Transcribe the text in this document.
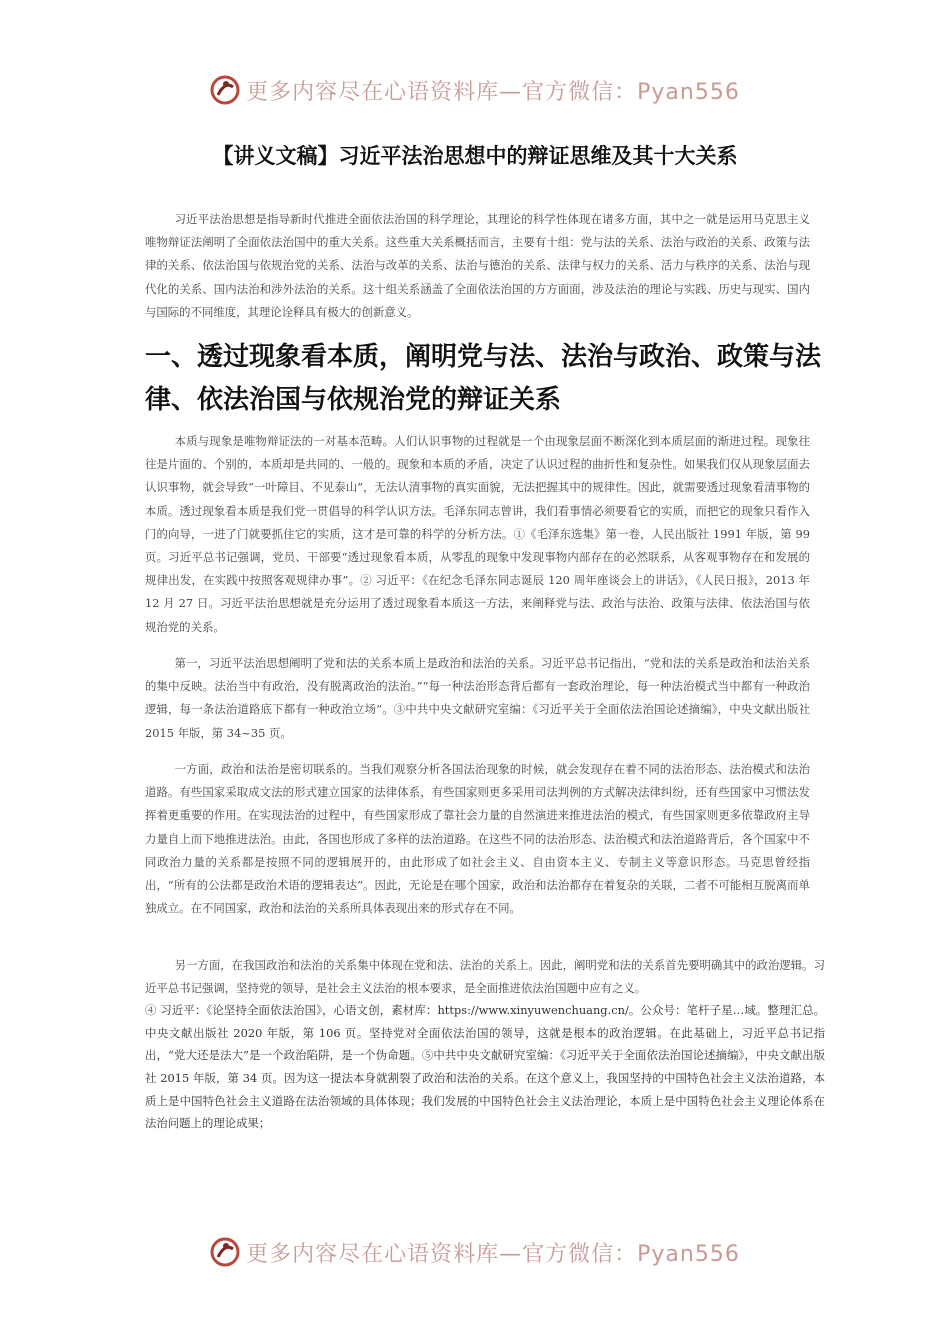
更多内容尽在心语资料库—官方微信：Pyan556
【讲义文稿】习近平法治思想中的辩证思维及其十大关系

习近平法治思想是指导新时代推进全面依法治国的科学理论，其理论的科学性体现在诸多方面，其中之一就是运用马克思主义唯物辩证法阐明了全面依法治国中的重大关系。这些重大关系概括而言，主要有十组：党与法的关系、法治与政治的关系、政策与法律的关系、依法治国与依规治党的关系、法治与改革的关系、法治与德治的关系、法律与权力的关系、活力与秩序的关系、法治与现代化的关系、国内法治和涉外法治的关系。这十组关系涵盖了全面依法治国的方方面面，涉及法治的理论与实践、历史与现实、国内与国际的不同维度，其理论诠释具有极大的创新意义。

一、透过现象看本质，阐明党与法、法治与政治、政策与法律、依法治国与依规治党的辩证关系

本质与现象是唯物辩证法的一对基本范畴。人们认识事物的过程就是一个由现象层面不断深化到本质层面的渐进过程。现象往往是片面的、个别的，本质却是共同的、一般的。现象和本质的矛盾，决定了认识过程的曲折性和复杂性。如果我们仅从现象层面去认识事物，就会导致“一叶障目、不见泰山”，无法认清事物的真实面貌，无法把握其中的规律性。因此，就需要透过现象看清事物的本质。透过现象看本质是我们党一贯倡导的科学认识方法。毛泽东同志曾讲，我们看事情必须要看它的实质，而把它的现象只看作入门的向导，一进了门就要抓住它的实质，这才是可靠的科学的分析方法。①《毛泽东选集》第一卷，人民出版社 1991 年版，第 99 页。习近平总书记强调，党员、干部要“透过现象看本质，从零乱的现象中发现事物内部存在的必然联系，从客观事物存在和发展的规律出发，在实践中按照客观规律办事”。② 习近平：《在纪念毛泽东同志诞辰 120 周年座谈会上的讲话》，《人民日报》，2013 年 12 月 27 日。习近平法治思想就是充分运用了透过现象看本质这一方法，来阐释党与法、政治与法治、政策与法律、依法治国与依规治党的关系。

第一，习近平法治思想阐明了党和法的关系本质上是政治和法治的关系。习近平总书记指出，“党和法的关系是政治和法治关系的集中反映。法治当中有政治，没有脱离政治的法治。”“每一种法治形态背后都有一套政治理论，每一种法治模式当中都有一种政治逻辑，每一条法治道路底下都有一种政治立场”。③中共中央文献研究室编：《习近平关于全面依法治国论述摘编》，中央文献出版社 2015 年版，第 34~35 页。

一方面，政治和法治是密切联系的。当我们观察分析各国法治现象的时候，就会发现存在着不同的法治形态、法治模式和法治道路。有些国家采取成文法的形式建立国家的法律体系，有些国家则更多采用司法判例的方式解决法律纠纷，还有些国家中习惯法发挥着更重要的作用。在实现法治的过程中，有些国家形成了靠社会力量的自然演进来推进法治的模式，有些国家则更多依靠政府主导力量自上而下地推进法治。由此，各国也形成了多样的法治道路。在这些不同的法治形态、法治模式和法治道路背后，各个国家中不同政治力量的关系都是按照不同的逻辑展开的，由此形成了如社会主义、自由资本主义、专制主义等意识形态。马克思曾经指出，“所有的公法都是政治术语的逻辑表达”。因此，无论是在哪个国家，政治和法治都存在着复杂的关联，二者不可能相互脱离而单独成立。在不同国家，政治和法治的关系所具体表现出来的形式存在不同。

另一方面，在我国政治和法治的关系集中体现在党和法、法治的关系上。因此，阐明党和法的关系首先要明确其中的政治逻辑。习近平总书记强调，坚持党的领导，是社会主义法治的根本要求，是全面推进依法治国题中应有之义。
④ 习近平：《论坚持全面依法治国》，心语文创，素材库：https://www.xinyuwenchuang.cn/。公众号：笔杆子星…域。整理汇总。中央文献出版社 2020 年版，第 106 页。坚持党对全面依法治国的领导，这就是根本的政治逻辑。在此基础上，习近平总书记指出，“党大还是法大”是一个政治陷阱，是一个伪命题。⑤中共中央文献研究室编：《习近平关于全面依法治国论述摘编》，中央文献出版社 2015 年版，第 34 页。因为这一提法本身就割裂了政治和法治的关系。在这个意义上，我国坚持的中国特色社会主义法治道路，本质上是中国特色社会主义道路在法治领域的具体体现；我们发展的中国特色社会主义法治理论，本质上是中国特色社会主义理论体系在法治问题上的理论成果；
更多内容尽在心语资料库—官方微信：Pyan556
